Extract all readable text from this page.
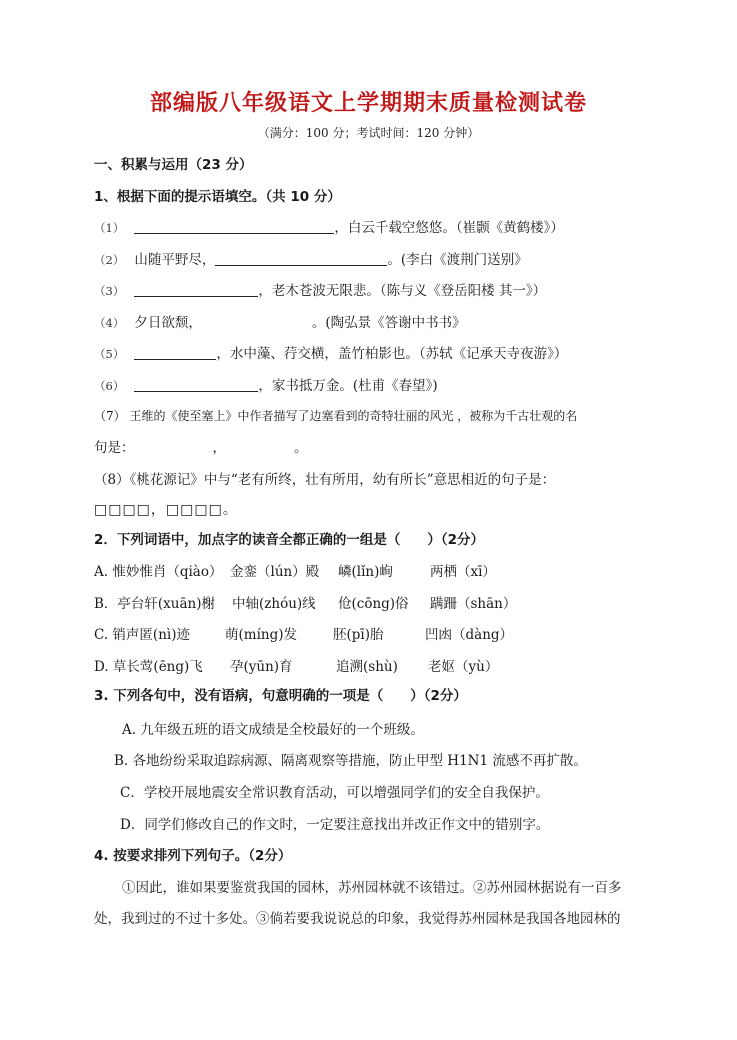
部编版八年级语文上学期期末质量检测试卷
（满分：100 分；考试时间：120 分钟）
一、积累与运用（23 分）
1、根据下面的提示语填空。（共 10 分）
（1）	，白云千载空悠悠。（崔颢《黄鹤楼》）
（2） 山随平野尽，	。(李白《渡荆门送别》
（3）	，老木苍波无限悲。（陈与义《登岳阳楼 其一》）
（4） 夕日欲颓，	。(陶弘景《答谢中书书》
（5）	，水中藻、荇交横，盖竹柏影也。（苏轼《记承天寺夜游》）
（6）	，家书抵万金。(杜甫《春望》)
（7） 王维的《使至塞上》中作者描写了边塞看到的奇特壮丽的风光 ，被称为千古壮观的名
句是：	，	。
（8）《桃花源记》中与“老有所终，壮有所用，幼有所长”意思相近的句子是：
□□□□，□□□□。
2．下列词语中，加点字的读音全都正确的一组是（　　）（2分）
A. 惟妙惟肖（qiào） 金銮（lún）殿 嶙(lǐn)峋	两栖（xī）
B．亭台轩(xuān)榭 中轴(zhóu)线 伧(cōng)俗 蹒跚（shān）
C. 销声匿(nì)迹	萌(míng)发	胚(pī)胎	凹凼（dàng）
D. 草长莺(ēng)飞 孕(yūn)育	追溯(shù) 老妪（yù）
3. 下列各句中，没有语病，句意明确的一项是（　　）（2分）
A. 九年级五班的语文成绩是全校最好的一个班级。
B. 各地纷纷采取追踪病源、隔离观察等措施，防止甲型 H1N1 流感不再扩散。
C．学校开展地震安全常识教育活动，可以增强同学们的安全自我保护。
D．同学们修改自己的作文时，一定要注意找出并改正作文中的错别字。
4. 按要求排列下列句子。（2分）
①因此，谁如果要鉴赏我国的园林，苏州园林就不该错过。②苏州园林据说有一百多
处，我到过的不过十多处。③倘若要我说说总的印象，我觉得苏州园林是我国各地园林的
